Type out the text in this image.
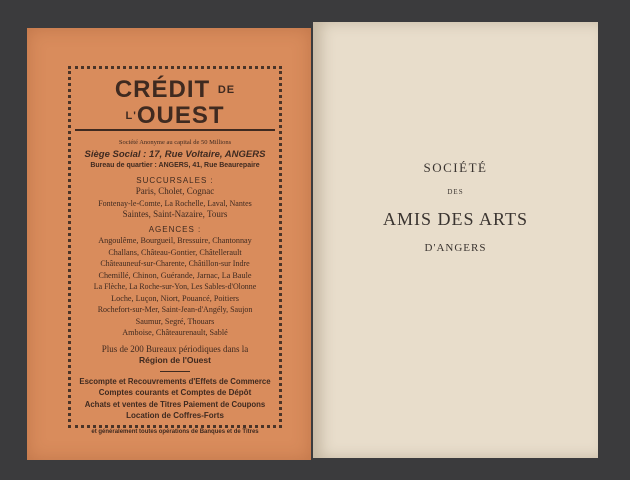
CRÉDIT $^{DE L'}$OUEST
Société Anonyme au capital de 50 Millions
Siège Social : 17, Rue Voltaire, ANGERS
Bureau de quartier : ANGERS, 41, Rue Beaurepaire
SUCCURSALES :
Paris, Cholet, Cognac
Fontenay-le-Comte, La Rochelle, Laval, Nantes
Saintes, Saint-Nazaire, Tours
AGENCES :
Angoulême, Bourgueil, Bressuire, Chantonnay
Challans, Château-Gontier, Châtellerault
Châteauneuf-sur-Charente, Châtillon-sur Indre
Chemillé, Chinon, Guérande, Jarnac, La Baule
La Flèche, La Roche-sur-Yon, Les Sables-d'Olonne
Loche, Luçon, Niort, Pouancé, Poitiers
Rochefort-sur-Mer, Saint-Jean-d'Angély, Saujon
Saumur, Segré, Thouars
Amboise, Châteaurenault, Sablé
Plus de 200 Bureaux périodiques dans la
Région de l'Ouest
Escompte et Recouvrements d'Effets de Commerce
Comptes courants et Comptes de Dépôt
Achats et ventes de Titres Paiement de Coupons
Location de Coffres-Forts
et généralement toutes opérations de Banques et de Titres
SOCIÉTÉ
DES
AMIS DES ARTS
D'ANGERS
